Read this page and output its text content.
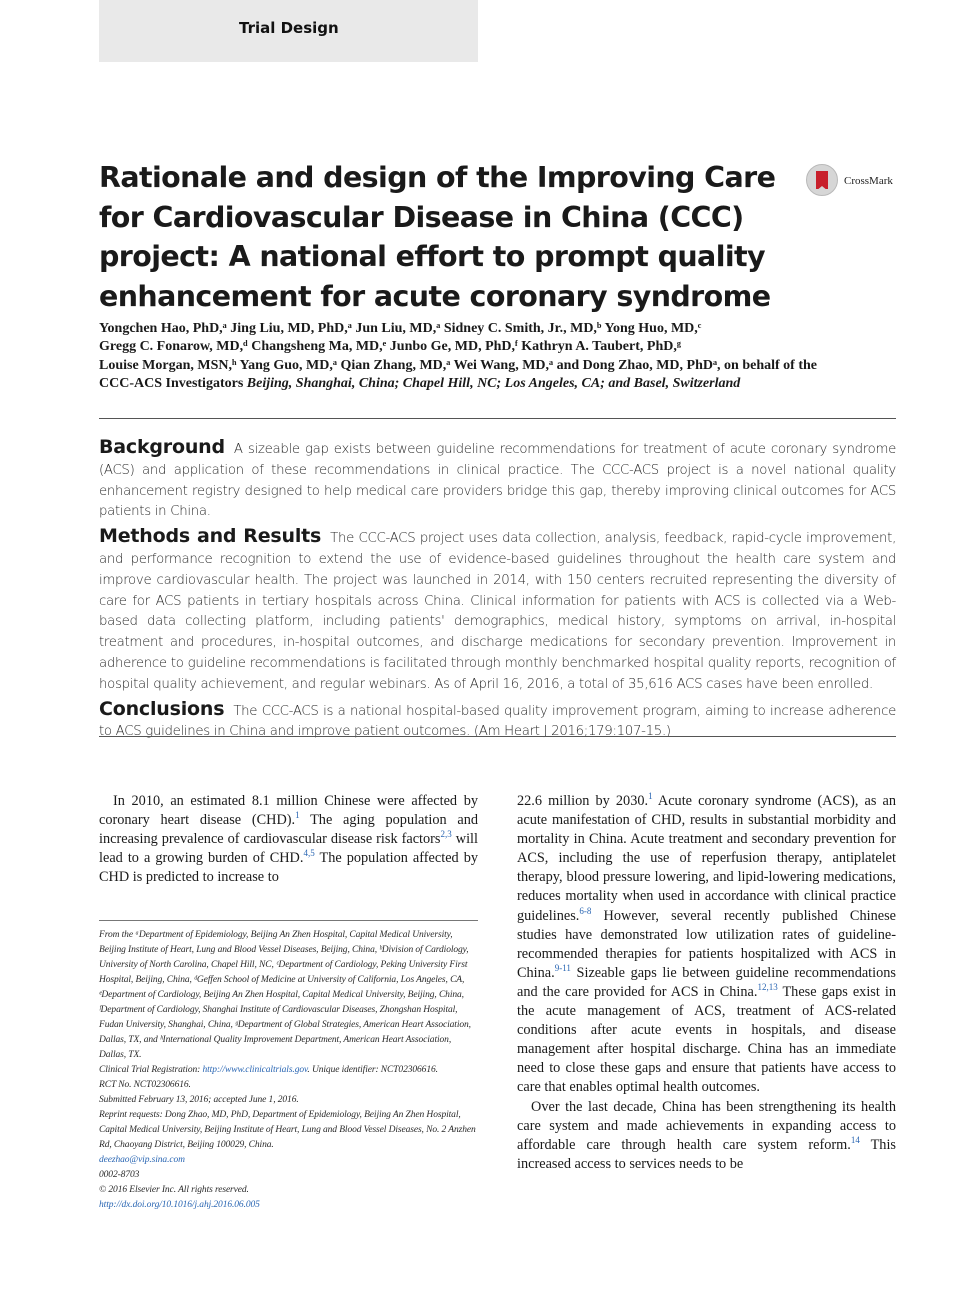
Trial Design
Rationale and design of the Improving Care for Cardiovascular Disease in China (CCC) project: A national effort to prompt quality enhancement for acute coronary syndrome
CrossMark
Yongchen Hao, PhD,ᵃ Jing Liu, MD, PhD,ᵃ Jun Liu, MD,ᵃ Sidney C. Smith, Jr., MD,ᵇ Yong Huo, MD,ᶜ
Gregg C. Fonarow, MD,ᵈ Changsheng Ma, MD,ᵉ Junbo Ge, MD, PhD,ᶠ Kathryn A. Taubert, PhD,ᵍ
Louise Morgan, MSN,ʰ Yang Guo, MD,ᵃ Qian Zhang, MD,ᵃ Wei Wang, MD,ᵃ and Dong Zhao, MD, PhDᵃ, on behalf of the
CCC-ACS Investigators Beijing, Shanghai, China; Chapel Hill, NC; Los Angeles, CA; and Basel, Switzerland

Background A sizeable gap exists between guideline recommendations for treatment of acute coronary syndrome (ACS) and application of these recommendations in clinical practice. The CCC-ACS project is a novel national quality enhancement registry designed to help medical care providers bridge this gap, thereby improving clinical outcomes for ACS patients in China.

Methods and Results The CCC-ACS project uses data collection, analysis, feedback, rapid-cycle improvement, and performance recognition to extend the use of evidence-based guidelines throughout the health care system and improve cardiovascular health. The project was launched in 2014, with 150 centers recruited representing the diversity of care for ACS patients in tertiary hospitals across China. Clinical information for patients with ACS is collected via a Web-based data collecting platform, including patients' demographics, medical history, symptoms on arrival, in-hospital treatment and procedures, in-hospital outcomes, and discharge medications for secondary prevention. Improvement in adherence to guideline recommendations is facilitated through monthly benchmarked hospital quality reports, recognition of hospital quality achievement, and regular webinars. As of April 16, 2016, a total of 35,616 ACS cases have been enrolled.

Conclusions The CCC-ACS is a national hospital-based quality improvement program, aiming to increase adherence to ACS guidelines in China and improve patient outcomes. (Am Heart J 2016;179:107-15.)

In 2010, an estimated 8.1 million Chinese were affected by coronary heart disease (CHD).$^1$ The aging population and increasing prevalence of cardiovascular disease risk factors$^{2,3}$ will lead to a growing burden of CHD.$^{4,5}$ The population affected by CHD is predicted to increase to

From the ᵃDepartment of Epidemiology, Beijing An Zhen Hospital, Capital Medical University, Beijing Institute of Heart, Lung and Blood Vessel Diseases, Beijing, China, ᵇDivision of Cardiology, University of North Carolina, Chapel Hill, NC, ᶜDepartment of Cardiology, Peking University First Hospital, Beijing, China, ᵈGeffen School of Medicine at University of California, Los Angeles, CA, ᵉDepartment of Cardiology, Beijing An Zhen Hospital, Capital Medical University, Beijing, China, ᶠDepartment of Cardiology, Shanghai Institute of Cardiovascular Diseases, Zhongshan Hospital, Fudan University, Shanghai, China, ᵍDepartment of Global Strategies, American Heart Association, Dallas, TX, and ʰInternational Quality Improvement Department, American Heart Association, Dallas, TX.

Clinical Trial Registration: http://www.clinicaltrials.gov. Unique identifier: NCT02306616.

RCT No. NCT02306616.

Submitted February 13, 2016; accepted June 1, 2016.

Reprint requests: Dong Zhao, MD, PhD, Department of Epidemiology, Beijing An Zhen Hospital, Capital Medical University, Beijing Institute of Heart, Lung and Blood Vessel Diseases, No. 2 Anzhen Rd, Chaoyang District, Beijing 100029, China.

deezhao@vip.sina.com

0002-8703

© 2016 Elsevier Inc. All rights reserved.

http://dx.doi.org/10.1016/j.ahj.2016.06.005

22.6 million by 2030.$^1$ Acute coronary syndrome (ACS), as an acute manifestation of CHD, results in substantial morbidity and mortality in China. Acute treatment and secondary prevention for ACS, including the use of reperfusion therapy, antiplatelet therapy, blood pressure lowering, and lipid-lowering medications, reduces mortality when used in accordance with clinical practice guidelines.$^{6-8}$ However, several recently published Chinese studies have demonstrated low utilization rates of guideline-recommended therapies for patients hospitalized with ACS in China.$^{9-11}$ Sizeable gaps lie between guideline recommendations and the care provided for ACS in China.$^{12,13}$ These gaps exist in the acute management of ACS, treatment of ACS-related conditions after acute events in hospitals, and disease management after hospital discharge. China has an immediate need to close these gaps and ensure that patients have access to care that enables optimal health outcomes.

Over the last decade, China has been strengthening its health care system and made achievements in expanding access to affordable care through health care system reform.$^{14}$ This increased access to services needs to be
